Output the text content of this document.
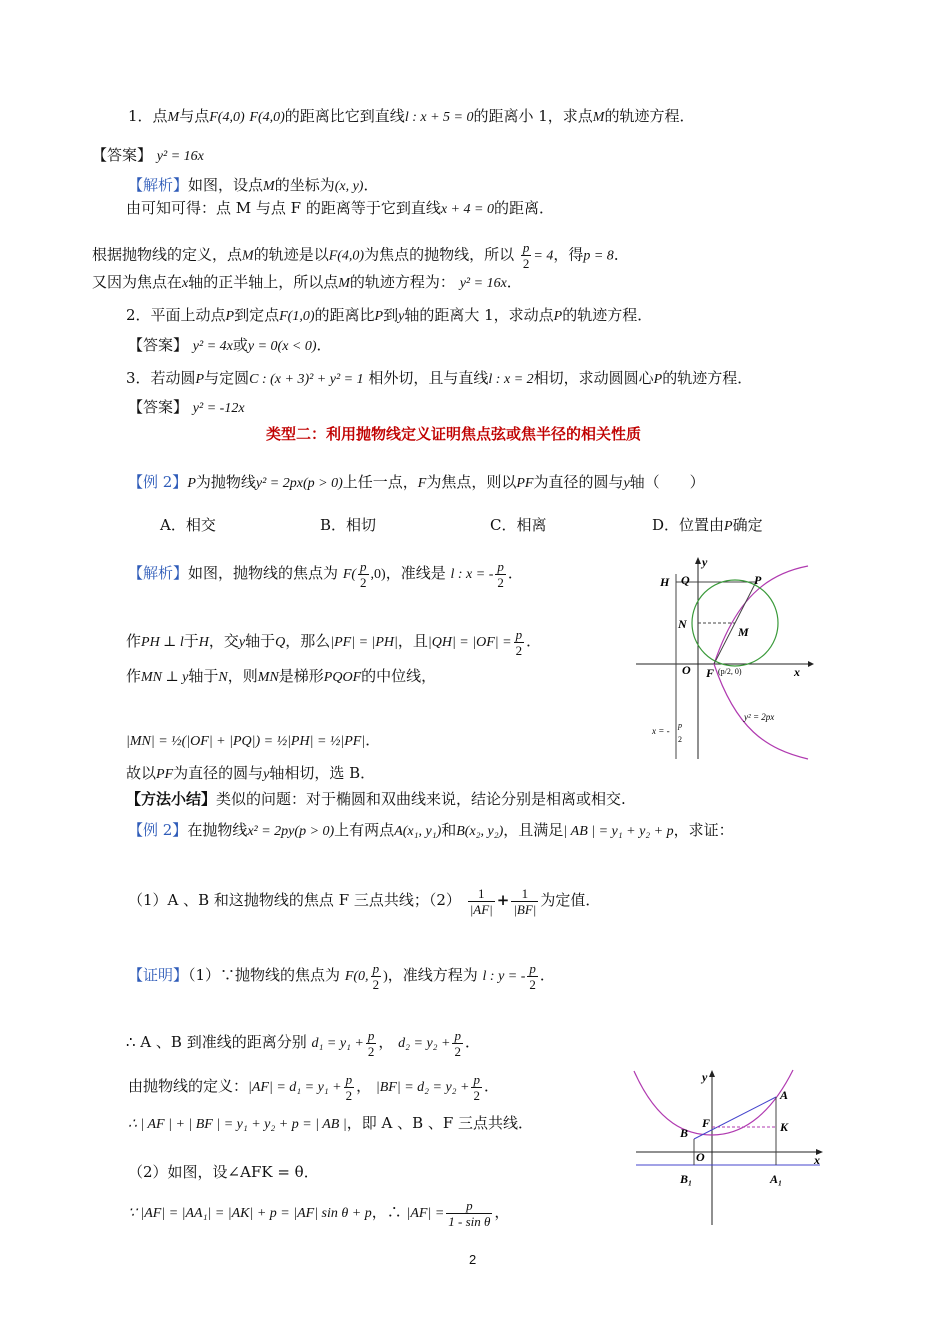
1．点M与点F(4,0) F(4,0)的距离比它到直线l : x + 5 = 0的距离小 1，求点M的轨迹方程．
【答案】 y² = 16x
【解析】如图，设点M的坐标为(x, y)．
由可知可得：点 M 与点 F 的距离等于它到直线x + 4 = 0的距离．
根据抛物线的定义，点M的轨迹是以F(4,0)为焦点的抛物线，所以 $\frac{p}{2} = 4$，得p = 8．
又因为焦点在x轴的正半轴上，所以点M的轨迹方程为： y² = 16x．
2．平面上动点P到定点F(1,0)的距离比P到y轴的距离大 1，求动点P的轨迹方程．
【答案】 y² = 4x或y = 0(x < 0)．
3．若动圆P与定圆C : (x + 3)² + y² = 1 相外切，且与直线l : x = 2相切，求动圆圆心P的轨迹方程．
【答案】 y² = -12x
类型二：利用抛物线定义证明焦点弦或焦半径的相关性质
【例 2】P为抛物线y² = 2px(p > 0)上任一点，F为焦点，则以PF为直径的圆与y轴（　　）
A．相交	B．相切	C．相离	D．位置由P确定
【解析】如图，抛物线的焦点为 $F( \frac{p}{2} ,0)$，准线是 l : x = - $\frac{p}{2}$ ．
作PH ⊥ l于H，交y轴于Q，那么|PF| = |PH|，且$|QH| = |OF| = \frac{p}{2}$ ．
作MN ⊥ y轴于N，则MN是梯形PQOF的中位线，
|MN| = ½(|OF| + |PQ|) = ½|PH| = ½|PF|．
故以PF为直径的圆与y轴相切，选 B．
【方法小结】类似的问题：对于椭圆和双曲线来说，结论分别是相离或相交.
H Q	P
N
M
O F (p/2, 0)	x
y
y² = 2px
x = -
p
2
【例 2】在抛物线x² = 2py(p > 0)上有两点A(x₁, y₁)和B(x₂, y₂)，且满足| AB | = y₁ + y₂ + p，求证：
（1）A 、B 和这抛物线的焦点 F 三点共线；$(2) \frac{1}{|AF|} + \frac{1}{|BF|}$ 为定值．
【证明】（1）∵抛物线的焦点为 F(0, $\frac{p}{2}$ )，准线方程为 l : y = - $\frac{p}{2}$ ．
∴ A 、B 到准线的距离分别 $d_1 = y_1 + \frac{p}{2}$ ， $d_2 = y_2 + \frac{p}{2}$ ．
由抛物线的定义：$|AF| = d_1 = y_1 + \frac{p}{2}$ ， $|BF| = d_2 = y_2 + \frac{p}{2}$ ．
∴ | AF | + | BF | = y₁ + y₂ + p = | AB |，即 A 、B 、F 三点共线．
（2）如图，设∠AFK = θ．
∵ |AF| = |AA₁| = |AK| + p = |AF| sin θ + p，∴ $|AF| = \frac{p}{\text{1 - sin θ}}$ ，
y
x
A
F
B	K
O
B₁	A₁
2
